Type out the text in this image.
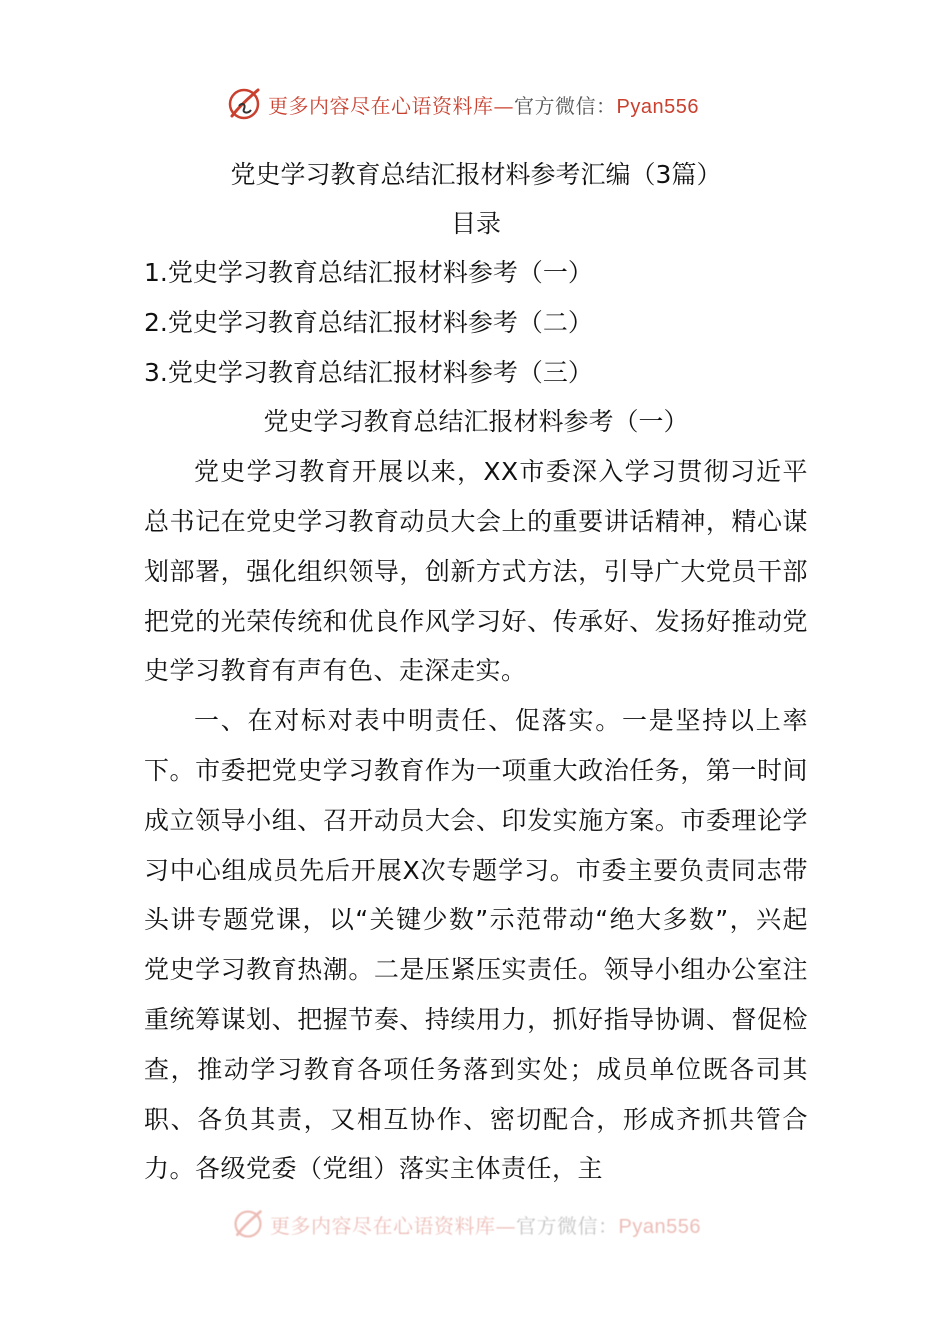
更多内容尽在心语资料库—官方微信：Pyan556
党史学习教育总结汇报材料参考汇编（3篇）
目录
1.党史学习教育总结汇报材料参考（一）
2.党史学习教育总结汇报材料参考（二）
3.党史学习教育总结汇报材料参考（三）
党史学习教育总结汇报材料参考（一）

党史学习教育开展以来，XX市委深入学习贯彻习近平总书记在党史学习教育动员大会上的重要讲话精神，精心谋划部署，强化组织领导，创新方式方法，引导广大党员干部把党的光荣传统和优良作风学习好、传承好、发扬好推动党史学习教育有声有色、走深走实。

一、在对标对表中明责任、促落实。一是坚持以上率下。市委把党史学习教育作为一项重大政治任务，第一时间成立领导小组、召开动员大会、印发实施方案。市委理论学习中心组成员先后开展X次专题学习。市委主要负责同志带头讲专题党课，以“关键少数”示范带动“绝大多数”，兴起党史学习教育热潮。二是压紧压实责任。领导小组办公室注重统筹谋划、把握节奏、持续用力，抓好指导协调、督促检查，推动学习教育各项任务落到实处；成员单位既各司其职、各负其责，又相互协作、密切配合，形成齐抓共管合力。各级党委（党组）落实主体责任，主

更多内容尽在心语资料库—官方微信：Pyan556
